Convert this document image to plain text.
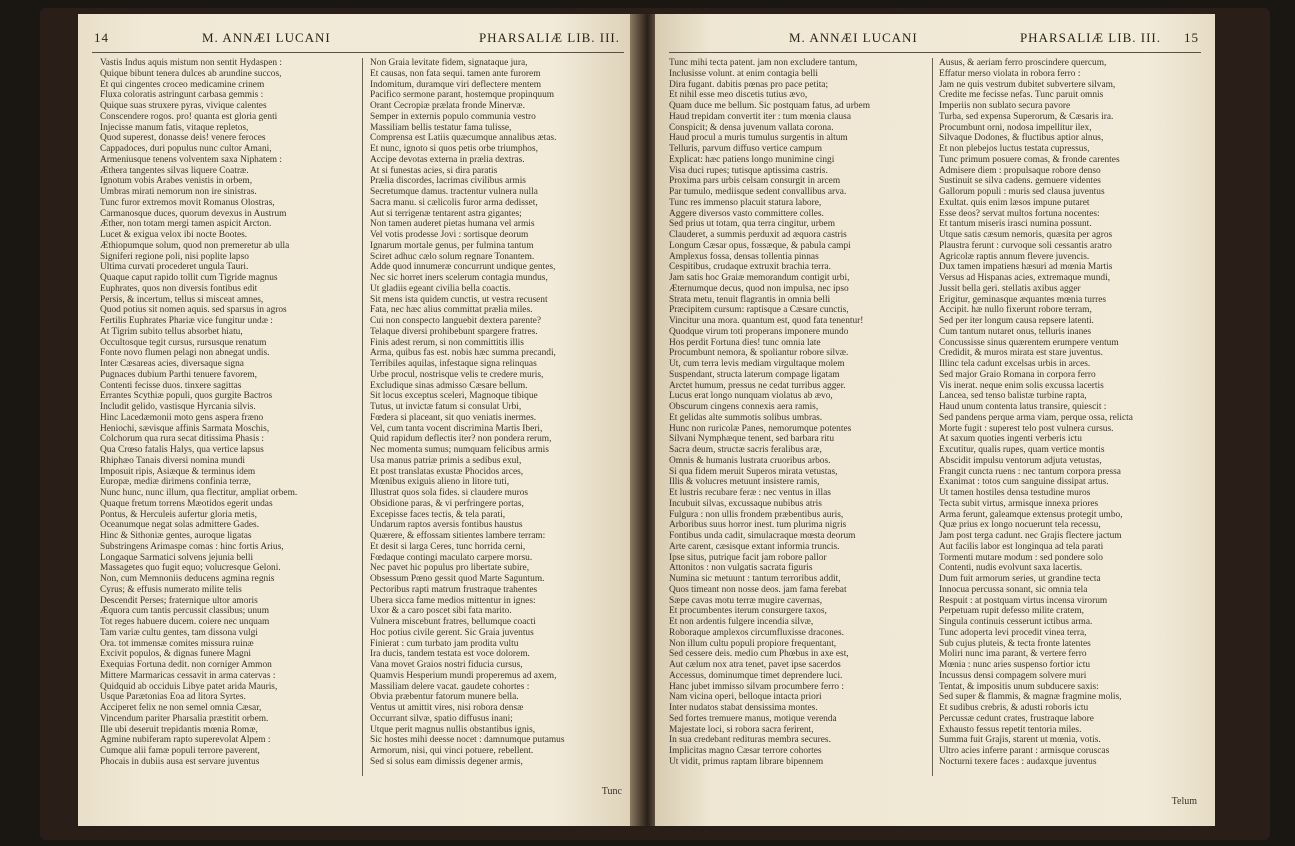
14	M. ANNÆI LUCANI	PHARSALIÆ LIB. III.
Vastis Indus aquis mistum non sentit Hydaspen :
Quique bibunt tenera dulces ab arundine succos,
Et qui cingentes croceo medicamine crinem
Fluxa coloratis astringunt carbasa gemmis :
Quique suas struxere pyras, vivique calentes
Conscendere rogos. pro! quanta est gloria genti
Injecisse manum fatis, vitaque repletos,
Quod superest, donasse deis! venere feroces
Cappadoces, duri populus nunc cultor Amani,
Armeniusque tenens volventem saxa Niphatem :
Æthera tangentes silvas liquere Coatræ.
Ignotum vobis Arabes venistis in orbem,
Umbras mirati nemorum non ire sinistras.
Tunc furor extremos movit Romanus Olostras,
Carmanosque duces, quorum devexus in Austrum
Æther, non totam mergi tamen aspicit Arcton.
Lucet & exigua velox ibi nocte Bootes.
Æthiopumque solum, quod non premeretur ab ulla
Signiferi regione poli, nisi poplite lapso
Ultima curvati procederet ungula Tauri.
Quaque caput rapido tollit cum Tigride magnus
Euphrates, quos non diversis fontibus edit
Persis, & incertum, tellus si misceat amnes,
Quod potius sit nomen aquis. sed sparsus in agros
Fertilis Euphrates Phariæ vice fungitur undæ :
At Tigrim subito tellus absorbet hiatu,
Occultosque tegit cursus, rursusque renatum
Fonte novo flumen pelagi non abnegat undis.
Inter Cæsareas acies, diversaque signa
Pugnaces dubium Parthi tenuere favorem,
Contenti fecisse duos. tinxere sagittas
Errantes Scythiæ populi, quos gurgite Bactros
Includit gelido, vastisque Hyrcania silvis.
Hinc Lacedæmonii moto gens aspera fræno
Heniochi, sævisque affinis Sarmata Moschis,
Colchorum qua rura secat ditissima Phasis :
Qua Crœso fatalis Halys, qua vertice lapsus
Rhiphæo Tanais diversi nomina mundi
Imposuit ripis, Asiæque & terminus idem
Europæ, mediæ dirimens confinia terræ,
Nunc hunc, nunc illum, qua flectitur, ampliat orbem.
Quaque fretum torrens Mæotidos egerit undas
Pontus, & Herculeis aufertur gloria metis,
Oceanumque negat solas admittere Gades.
Hinc & Sithoniæ gentes, auroque ligatas
Substringens Arimaspe comas : hinc fortis Arius,
Longaque Sarmatici solvens jejunia belli
Massagetes quo fugit equo; volucresque Geloni.
Non, cum Memnoniis deducens agmina regnis
Cyrus; & effusis numerato milite telis
Descendit Perses; fraternique ultor amoris
Æquora cum tantis percussit classibus; unum
Tot reges habuere ducem. coiere nec unquam
Tam variæ cultu gentes, tam dissona vulgi
Ora. tot immensæ comites missura ruinæ
Excivit populos, & dignas funere Magni
Exequias Fortuna dedit. non corniger Ammon
Mittere Marmaricas cessavit in arma catervas :
Quidquid ab occiduis Libye patet arida Mauris,
Usque Parætonias Eoa ad litora Syrtes.
Acciperet felix ne non semel omnia Cæsar,
Vincendum pariter Pharsalia præstitit orbem.
Ille ubi deseruit trepidantis mœnia Romæ,
Agmine nubiferam rapto superevolat Alpem :
Cumque alii famæ populi terrore paverent,
Phocais in dubiis ausa est servare juventus
Non Graia levitate fidem, signataque jura,
Et causas, non fata sequi. tamen ante furorem
Indomitum, duramque viri deflectere mentem
Pacifico sermone parant, hostemque propinquum
Orant Cecropiæ prælata fronde Minervæ.
Semper in externis populo communia vestro
Massiliam bellis testatur fama tulisse,
Comprensa est Latiis quæcumque annalibus ætas.
Et nunc, ignoto si quos petis orbe triumphos,
Accipe devotas externa in prælia dextras.
At si funestas acies, si dira paratis
Prælia discordes, lacrimas civilibus armis
Secretumque damus. tractentur vulnera nulla
Sacra manu. si cælicolis furor arma dedisset,
Aut si terrigenæ tentarent astra gigantes;
Non tamen auderet pietas humana vel armis
Vel votis prodesse Jovi : sortisque deorum
Ignarum mortale genus, per fulmina tantum
Sciret adhuc cælo solum regnare Tonantem.
Adde quod innumeræ concurrunt undique gentes,
Nec sic horret iners scelerum contagia mundus,
Ut gladiis egeant civilia bella coactis.
Sit mens ista quidem cunctis, ut vestra recusent
Fata, nec hæc alius committat prælia miles.
Cui non conspecto languebit dextera parente?
Telaque diversi prohibebunt spargere fratres.
Finis adest rerum, si non committitis illis
Arma, quibus fas est. nobis hæc summa precandi,
Terribiles aquilas, infestaque signa relinquas
Urbe procul, nostrisque velis te credere muris,
Excludique sinas admisso Cæsare bellum.
Sit locus exceptus sceleri, Magnoque tibique
Tutus, ut invictæ fatum si consulat Urbi,
Fœdera si placeant, sit quo veniatis inermes.
Vel, cum tanta vocent discrimina Martis Iberi,
Quid rapidum deflectis iter? non pondera rerum,
Nec momenta sumus; numquam felicibus armis
Usa manus patriæ primis a sedibus exul,
Et post translatas exustæ Phocidos arces,
Mœnibus exiguis alieno in litore tuti,
Illustrat quos sola fides. si claudere muros
Obsidione paras, & vi perfringere portas,
Excepisse faces tectis, & tela parati,
Undarum raptos aversis fontibus haustus
Quærere, & effossam sitientes lambere terram:
Et desit si larga Ceres, tunc horrida cerni,
Fœdaque contingi maculato carpere morsu.
Nec pavet hic populus pro libertate subire,
Obsessum Pœno gessit quod Marte Saguntum.
Pectoribus rapti matrum frustraque trahentes
Ubera sicca fame medios mittentur in ignes:
Uxor & a caro poscet sibi fata marito.
Vulnera miscebunt fratres, bellumque coacti
Hoc potius civile gerent. Sic Graia juventus
Finierat : cum turbato jam prodita vultu
Ira ducis, tandem testata est voce dolorem.
Vana movet Graios nostri fiducia cursus,
Quamvis Hesperium mundi properemus ad axem,
Massiliam delere vacat. gaudete cohortes :
Obvia præbentur fatorum munere bella.
Ventus ut amittit vires, nisi robora densæ
Occurrant silvæ, spatio diffusus inani;
Utque perit magnus nullis obstantibus ignis,
Sic hostes mihi deesse nocet : damnumque putamus
Armorum, nisi, qui vinci potuere, rebellent.
Sed si solus eam dimissis degener armis,
Tunc
M. ANNÆI LUCANI	PHARSALIÆ LIB. III. 15
Tunc mihi tecta patent. jam non excludere tantum,
Inclusisse volunt. at enim contagia belli
Dira fugant. dabitis pœnas pro pace petita;
Et nihil esse meo discetis tutius ævo,
Quam duce me bellum. Sic postquam fatus, ad urbem
Haud trepidam convertit iter : tum mœnia clausa
Conspicit; & densa juvenum vallata corona.
Haud procul a muris tumulus surgentis in altum
Telluris, parvum diffuso vertice campum
Explicat: hæc patiens longo munimine cingi
Visa duci rupes; tutisque aptissima castris.
Proxima pars urbis celsam consurgit in arcem
Par tumulo, mediisque sedent convallibus arva.
Tunc res immenso placuit statura labore,
Aggere diversos vasto committere colles.
Sed prius ut totam, qua terra cingitur, urbem
Clauderet, a summis perduxit ad æquora castris
Longum Cæsar opus, fossæque, & pabula campi
Amplexus fossa, densas tollentia pinnas
Cespitibus, crudaque extruxit brachia terra.
Jam satis hoc Graiæ memorandum contigit urbi,
Æternumque decus, quod non impulsa, nec ipso
Strata metu, tenuit flagrantis in omnia belli
Præcipitem cursum: raptisque a Cæsare cunctis,
Vincitur una mora. quantum est, quod fata tenentur!
Quodque virum toti properans imponere mundo
Hos perdit Fortuna dies! tunc omnia late
Procumbunt nemora, & spoliantur robore silvæ.
Ut, cum terra levis mediam virgultaque molem
Suspendant, structa laterum compage ligatam
Arctet humum, pressus ne cedat turribus agger.
Lucus erat longo nunquam violatus ab ævo,
Obscurum cingens connexis aera ramis,
Et gelidas alte summotis solibus umbras.
Hunc non ruricolæ Panes, nemorumque potentes
Silvani Nymphæque tenent, sed barbara ritu
Sacra deum, structæ sacris feralibus aræ,
Omnis & humanis lustrata cruoribus arbos.
Si qua fidem meruit Superos mirata vetustas,
Illis & volucres metuunt insistere ramis,
Et lustris recubare feræ : nec ventus in illas
Incubuit silvas, excussaque nubibus atris
Fulgura : non ullis frondem præbentibus auris,
Arboribus suus horror inest. tum plurima nigris
Fontibus unda cadit, simulacraque mœsta deorum
Arte carent, cæsisque extant informia truncis.
Ipse situs, putrique facit jam robore pallor
Attonitos : non vulgatis sacrata figuris
Numina sic metuunt : tantum terroribus addit,
Quos timeant non nosse deos. jam fama ferebat
Sæpe cavas motu terræ mugire cavernas,
Et procumbentes iterum consurgere taxos,
Et non ardentis fulgere incendia silvæ,
Roboraque amplexos circumfluxisse dracones.
Non illum cultu populi propiore frequentant,
Sed cessere deis. medio cum Phœbus in axe est,
Aut cælum nox atra tenet, pavet ipse sacerdos
Accessus, dominumque timet deprendere luci.
Hanc jubet immisso silvam procumbere ferro :
Nam vicina operi, belloque intacta priori
Inter nudatos stabat densissima montes.
Sed fortes tremuere manus, motique verenda
Majestate loci, si robora sacra ferirent,
In sua credebant redituras membra secures.
Implicitas magno Cæsar terrore cohortes
Ut vidit, primus raptam librare bipennem
Ausus, & aeriam ferro proscindere quercum,
Effatur merso violata in robora ferro :
Jam ne quis vestrum dubitet subvertere silvam,
Credite me fecisse nefas. Tunc paruit omnis
Imperiis non sublato secura pavore
Turba, sed expensa Superorum, & Cæsaris ira.
Procumbunt orni, nodosa impellitur ilex,
Silvaque Dodones, & fluctibus aptior alnus,
Et non plebejos luctus testata cupressus,
Tunc primum posuere comas, & fronde carentes
Admisere diem : propulsaque robore denso
Sustinuit se silva cadens. gemuere videntes
Gallorum populi : muris sed clausa juventus
Exultat. quis enim læsos impune putaret
Esse deos? servat multos fortuna nocentes:
Et tantum miseris irasci numina possunt.
Utque satis cæsum nemoris, quæsita per agros
Plaustra ferunt : curvoque soli cessantis aratro
Agricolæ raptis annum flevere juvencis.
Dux tamen impatiens hæsuri ad mœnia Martis
Versus ad Hispanas acies, extremaque mundi,
Jussit bella geri. stellatis axibus agger
Erigitur, geminasque æquantes mœnia turres
Accipit. hæ nullo fixerunt robore terram,
Sed per iter longum causa repsere latenti.
Cum tantum nutaret onus, telluris inanes
Concussisse sinus quærentem erumpere ventum
Credidit, & muros mirata est stare juventus.
Illinc tela cadunt excelsas urbis in arces.
Sed major Graio Romana in corpora ferro
Vis inerat. neque enim solis excussa lacertis
Lancea, sed tenso balistæ turbine rapta,
Haud unum contenta latus transire, quiescit :
Sed pandens perque arma viam, perque ossa, relicta
Morte fugit : superest telo post vulnera cursus.
At saxum quoties ingenti verberis ictu
Excutitur, qualis rupes, quam vertice montis
Abscidit impulsu ventorum adjuta vetustas,
Frangit cuncta ruens : nec tantum corpora pressa
Exanimat : totos cum sanguine dissipat artus.
Ut tamen hostiles densa testudine muros
Tecta subit virtus, armisque innexa priores
Arma ferunt, galeamque extensus protegit umbo,
Quæ prius ex longo nocuerunt tela recessu,
Jam post terga cadunt. nec Grajis flectere jactum
Aut facilis labor est longinqua ad tela parati
Tormenti mutare modum : sed pondere solo
Contenti, nudis evolvunt saxa lacertis.
Dum fuit armorum series, ut grandine tecta
Innocua percussa sonant, sic omnia tela
Respuit : at postquam virtus incensa virorum
Perpetuam rupit defesso milite cratem,
Singula continuis cesserunt ictibus arma.
Tunc adoperta levi procedit vinea terra,
Sub cujus pluteis, & tecta fronte latentes
Moliri nunc ima parant, & vertere ferro
Mœnia : nunc aries suspenso fortior ictu
Incussus densi compagem solvere muri
Tentat, & impositis unum subducere saxis:
Sed super & flammis, & magnæ fragmine molis,
Et sudibus crebris, & adusti roboris ictu
Percussæ cedunt crates, frustraque labore
Exhausto fessus repetit tentoria miles.
Summa fuit Grajis, starent ut mœnia, votis.
Ultro acies inferre parant : armisque coruscas
Nocturni texere faces : audaxque juventus
Telum
